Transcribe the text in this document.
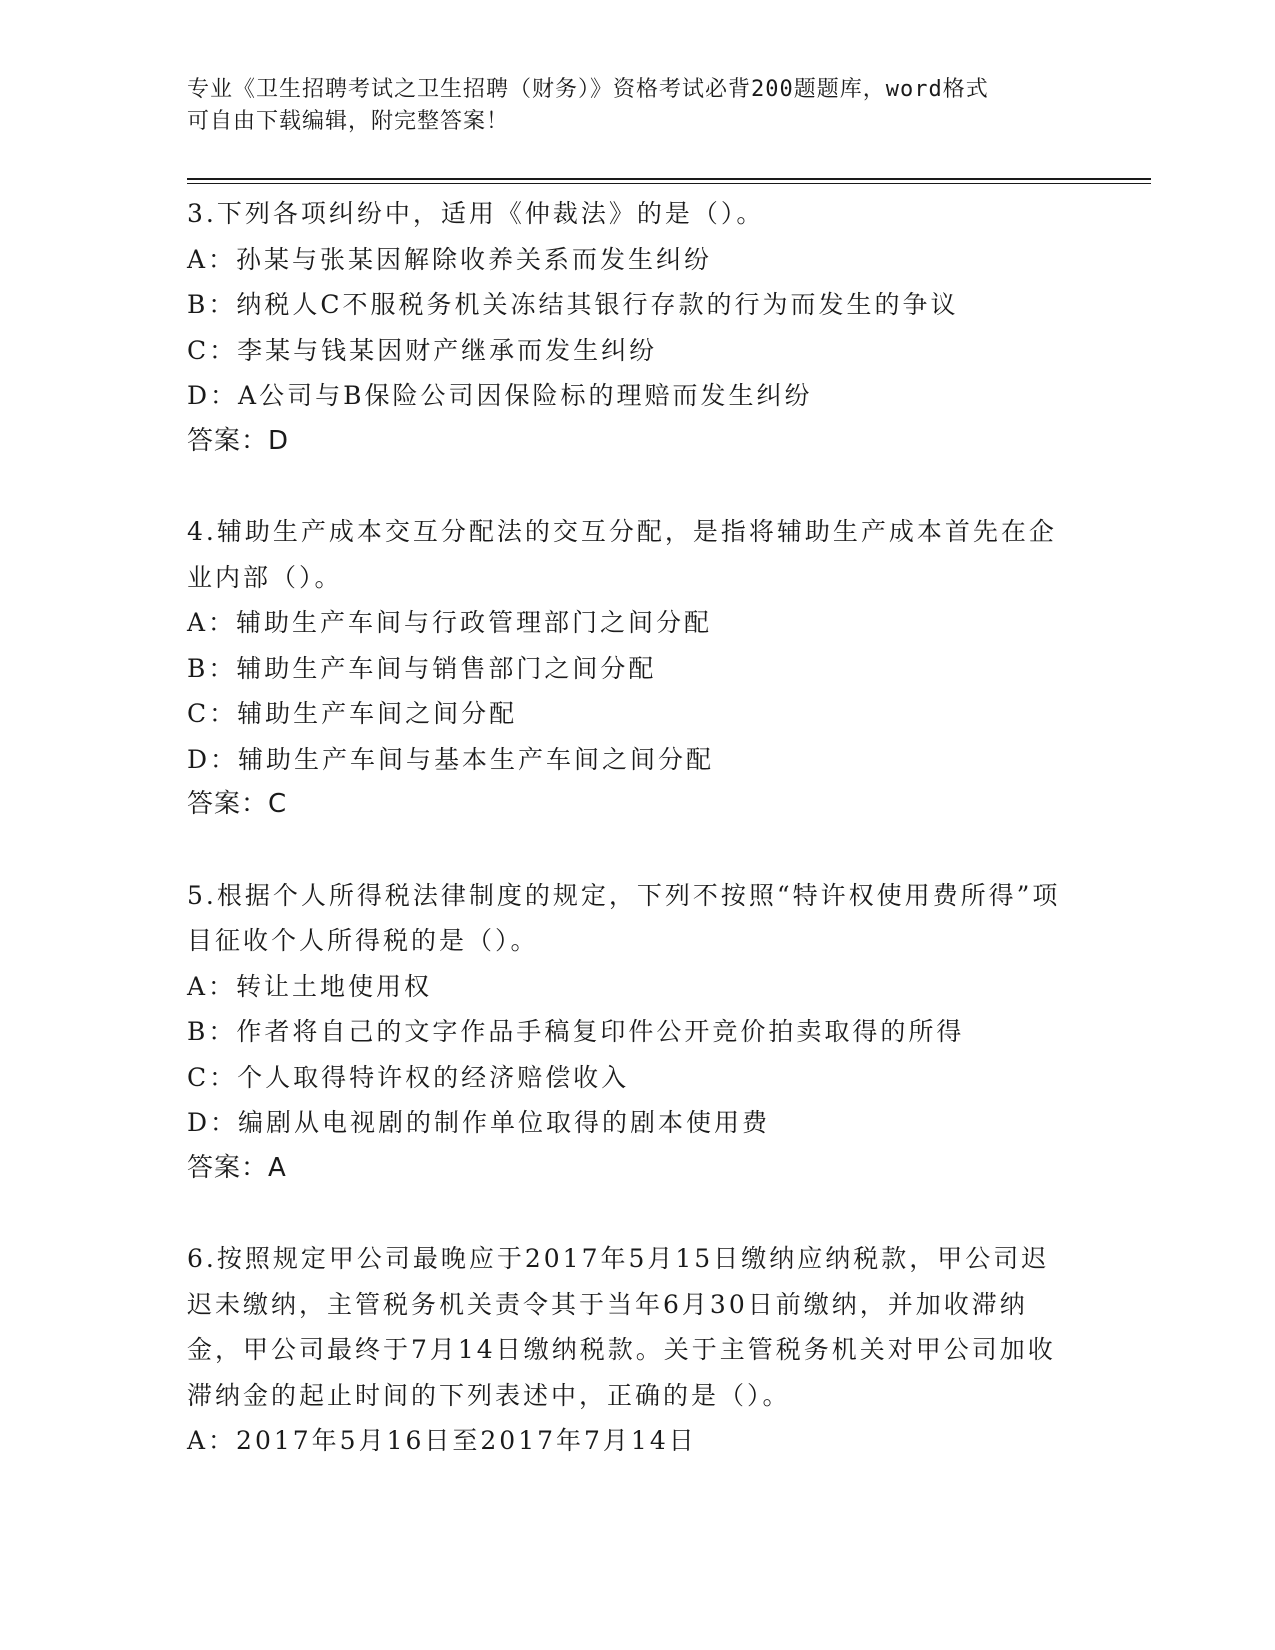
专业《卫生招聘考试之卫生招聘（财务）》资格考试必背200题题库，word格式
可自由下载编辑，附完整答案！

3.下列各项纠纷中，适用《仲裁法》的是（）。

A：孙某与张某因解除收养关系而发生纠纷

B：纳税人C不服税务机关冻结其银行存款的行为而发生的争议

C：李某与钱某因财产继承而发生纠纷

D：A公司与B保险公司因保险标的理赔而发生纠纷

答案：D

4.辅助生产成本交互分配法的交互分配，是指将辅助生产成本首先在企业内部（）。

A：辅助生产车间与行政管理部门之间分配

B：辅助生产车间与销售部门之间分配

C：辅助生产车间之间分配

D：辅助生产车间与基本生产车间之间分配

答案：C

5.根据个人所得税法律制度的规定，下列不按照“特许权使用费所得”项目征收个人所得税的是（）。

A：转让土地使用权

B：作者将自己的文字作品手稿复印件公开竞价拍卖取得的所得

C：个人取得特许权的经济赔偿收入

D：编剧从电视剧的制作单位取得的剧本使用费

答案：A

6.按照规定甲公司最晚应于2017年5月15日缴纳应纳税款，甲公司迟迟未缴纳，主管税务机关责令其于当年6月30日前缴纳，并加收滞纳金，甲公司最终于7月14日缴纳税款。关于主管税务机关对甲公司加收滞纳金的起止时间的下列表述中，正确的是（）。

A：2017年5月16日至2017年7月14日
